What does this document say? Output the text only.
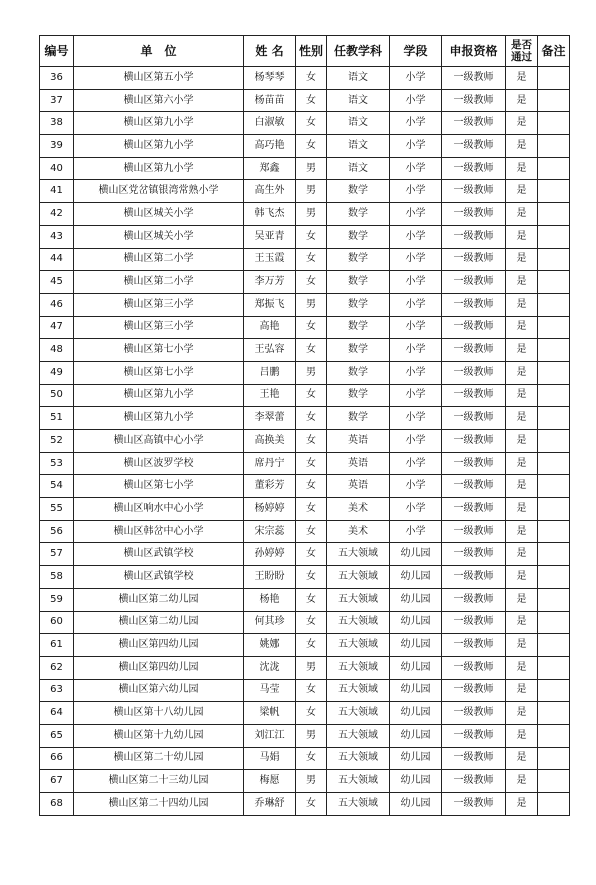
编号	单　位	姓 名	性别	任教学科	学段	申报资格	是否通过	备注
36	横山区第五小学	杨琴琴	女	语文	小学	一级教师	是	
37	横山区第六小学	杨苗苗	女	语文	小学	一级教师	是	
38	横山区第九小学	白淑敏	女	语文	小学	一级教师	是	
39	横山区第九小学	高巧艳	女	语文	小学	一级教师	是	
40	横山区第九小学	郑鑫	男	语文	小学	一级教师	是	
41	横山区党岔镇银湾常熟小学	高生外	男	数学	小学	一级教师	是	
42	横山区城关小学	韩飞杰	男	数学	小学	一级教师	是	
43	横山区城关小学	吴亚青	女	数学	小学	一级教师	是	
44	横山区第二小学	王玉霞	女	数学	小学	一级教师	是	
45	横山区第二小学	李万芳	女	数学	小学	一级教师	是	
46	横山区第三小学	郑振飞	男	数学	小学	一级教师	是	
47	横山区第三小学	高艳	女	数学	小学	一级教师	是	
48	横山区第七小学	王弘容	女	数学	小学	一级教师	是	
49	横山区第七小学	吕鹏	男	数学	小学	一级教师	是	
50	横山区第九小学	王艳	女	数学	小学	一级教师	是	
51	横山区第九小学	李翠蕾	女	数学	小学	一级教师	是	
52	横山区高镇中心小学	高换美	女	英语	小学	一级教师	是	
53	横山区波罗学校	席丹宁	女	英语	小学	一级教师	是	
54	横山区第七小学	董彩芳	女	英语	小学	一级教师	是	
55	横山区响水中心小学	杨婷婷	女	美术	小学	一级教师	是	
56	横山区韩岔中心小学	宋宗蕊	女	美术	小学	一级教师	是	
57	横山区武镇学校	孙婷婷	女	五大领域	幼儿园	一级教师	是	
58	横山区武镇学校	王盼盼	女	五大领域	幼儿园	一级教师	是	
59	横山区第二幼儿园	杨艳	女	五大领域	幼儿园	一级教师	是	
60	横山区第二幼儿园	何其珍	女	五大领域	幼儿园	一级教师	是	
61	横山区第四幼儿园	姚娜	女	五大领域	幼儿园	一级教师	是	
62	横山区第四幼儿园	沈泷	男	五大领域	幼儿园	一级教师	是	
63	横山区第六幼儿园	马莹	女	五大领域	幼儿园	一级教师	是	
64	横山区第十八幼儿园	梁帆	女	五大领域	幼儿园	一级教师	是	
65	横山区第十九幼儿园	刘江江	男	五大领域	幼儿园	一级教师	是	
66	横山区第二十幼儿园	马娟	女	五大领域	幼儿园	一级教师	是	
67	横山区第二十三幼儿园	梅愿	男	五大领域	幼儿园	一级教师	是	
68	横山区第二十四幼儿园	乔琳舒	女	五大领域	幼儿园	一级教师	是	
